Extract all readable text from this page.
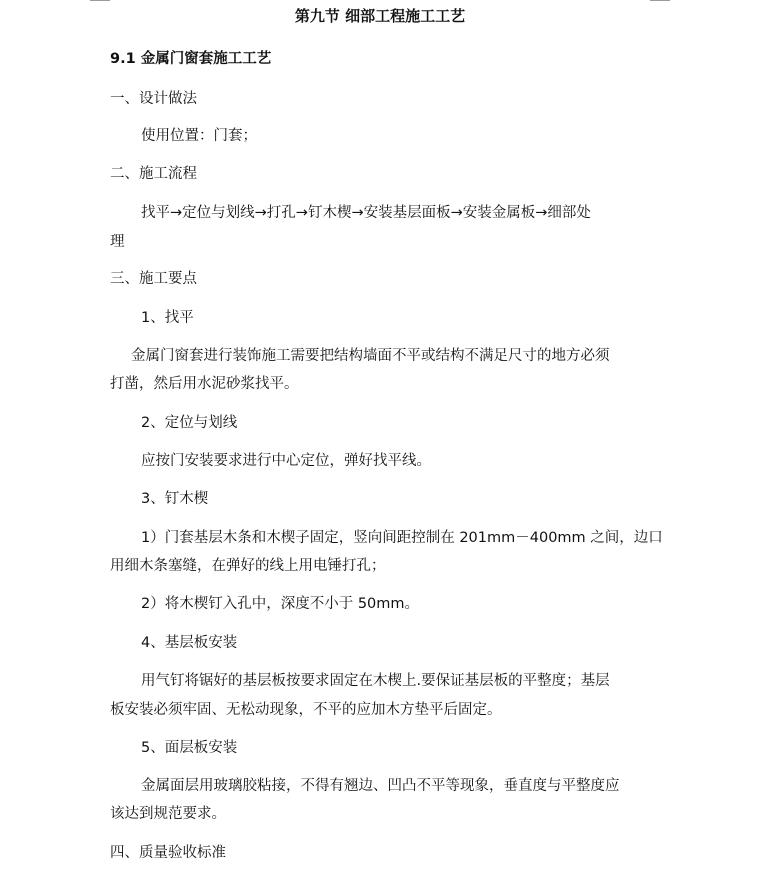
第九节 细部工程施工工艺
9.1 金属门窗套施工工艺
一、设计做法
使用位置：门套；
二、施工流程
找平→定位与划线→打孔→钉木楔→安装基层面板→安装金属板→细部处
理
三、施工要点
1、找平
金属门窗套进行装饰施工需要把结构墙面不平或结构不满足尺寸的地方必须
打凿，然后用水泥砂浆找平。
2、定位与划线
应按门安装要求进行中心定位，弹好找平线。
3、钉木楔
1）门套基层木条和木楔子固定，竖向间距控制在 201mm－400mm 之间，边口
用细木条塞缝，在弹好的线上用电锤打孔；
2）将木楔钉入孔中，深度不小于 50mm。
4、基层板安装
用气钉将锯好的基层板按要求固定在木楔上.要保证基层板的平整度；基层
板安装必须牢固、无松动现象，不平的应加木方垫平后固定。
5、面层板安装
金属面层用玻璃胶粘接，不得有翘边、凹凸不平等现象，垂直度与平整度应
该达到规范要求。
四、质量验收标准
